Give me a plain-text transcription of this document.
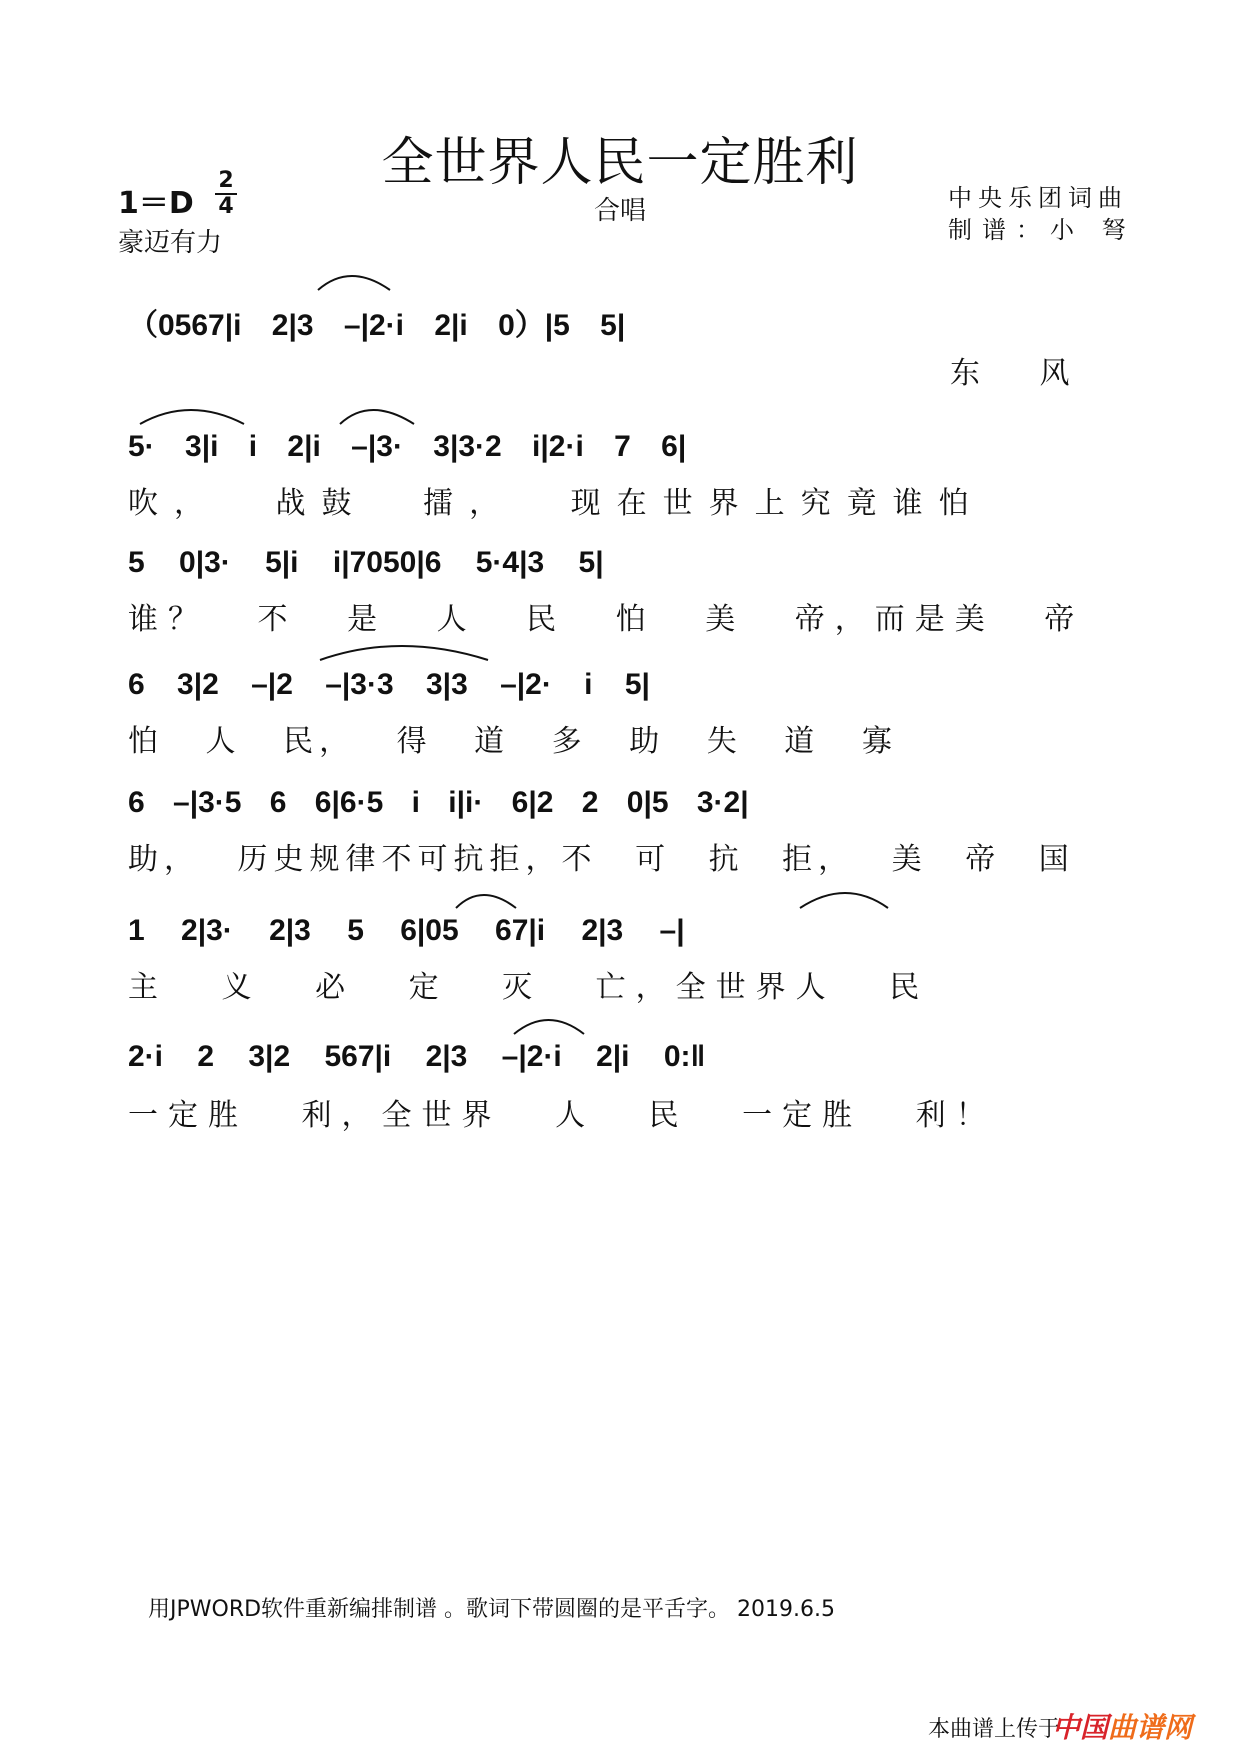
全世界人民一定胜利
1＝D
2
4
豪迈有力
合唱	中央乐团词曲
制谱：小 弩
（0567|i 2|3 –|2·i 2|i 0）|5 5|
东 风
5· 3|i i 2|i –|3· 3|3·2 i|2·i 7 6|
吹， 战鼓 擂， 现在世界上究竟谁怕
5 0|3· 5|i i|7050|6 5·4|3 5|
谁？ 不 是 人 民 怕 美 帝，而是美 帝
6 3|2 –|2 –|3·3 3|3 –|2· i 5|
怕 人 民， 得 道 多 助 失 道 寡
6 –|3·5 6 6|6·5 i i|i· 6|2 2 0|5 3·2|
助， 历史规律不可抗拒，不 可 抗 拒， 美 帝 国
1 2|3· 2|3 5 6|05 67|i 2|3 –|
主 义 必 定 灭 亡，全世界人 民
2·i 2 3|2 567|i 2|3 –|2·i 2|i 0:‖
一定胜 利，全世界 人 民 一定胜 利！
用JPWORD软件重新编排制谱 。歌词下带圆圈的是平舌字。 2019.6.5
本曲谱上传于
中国曲谱网
